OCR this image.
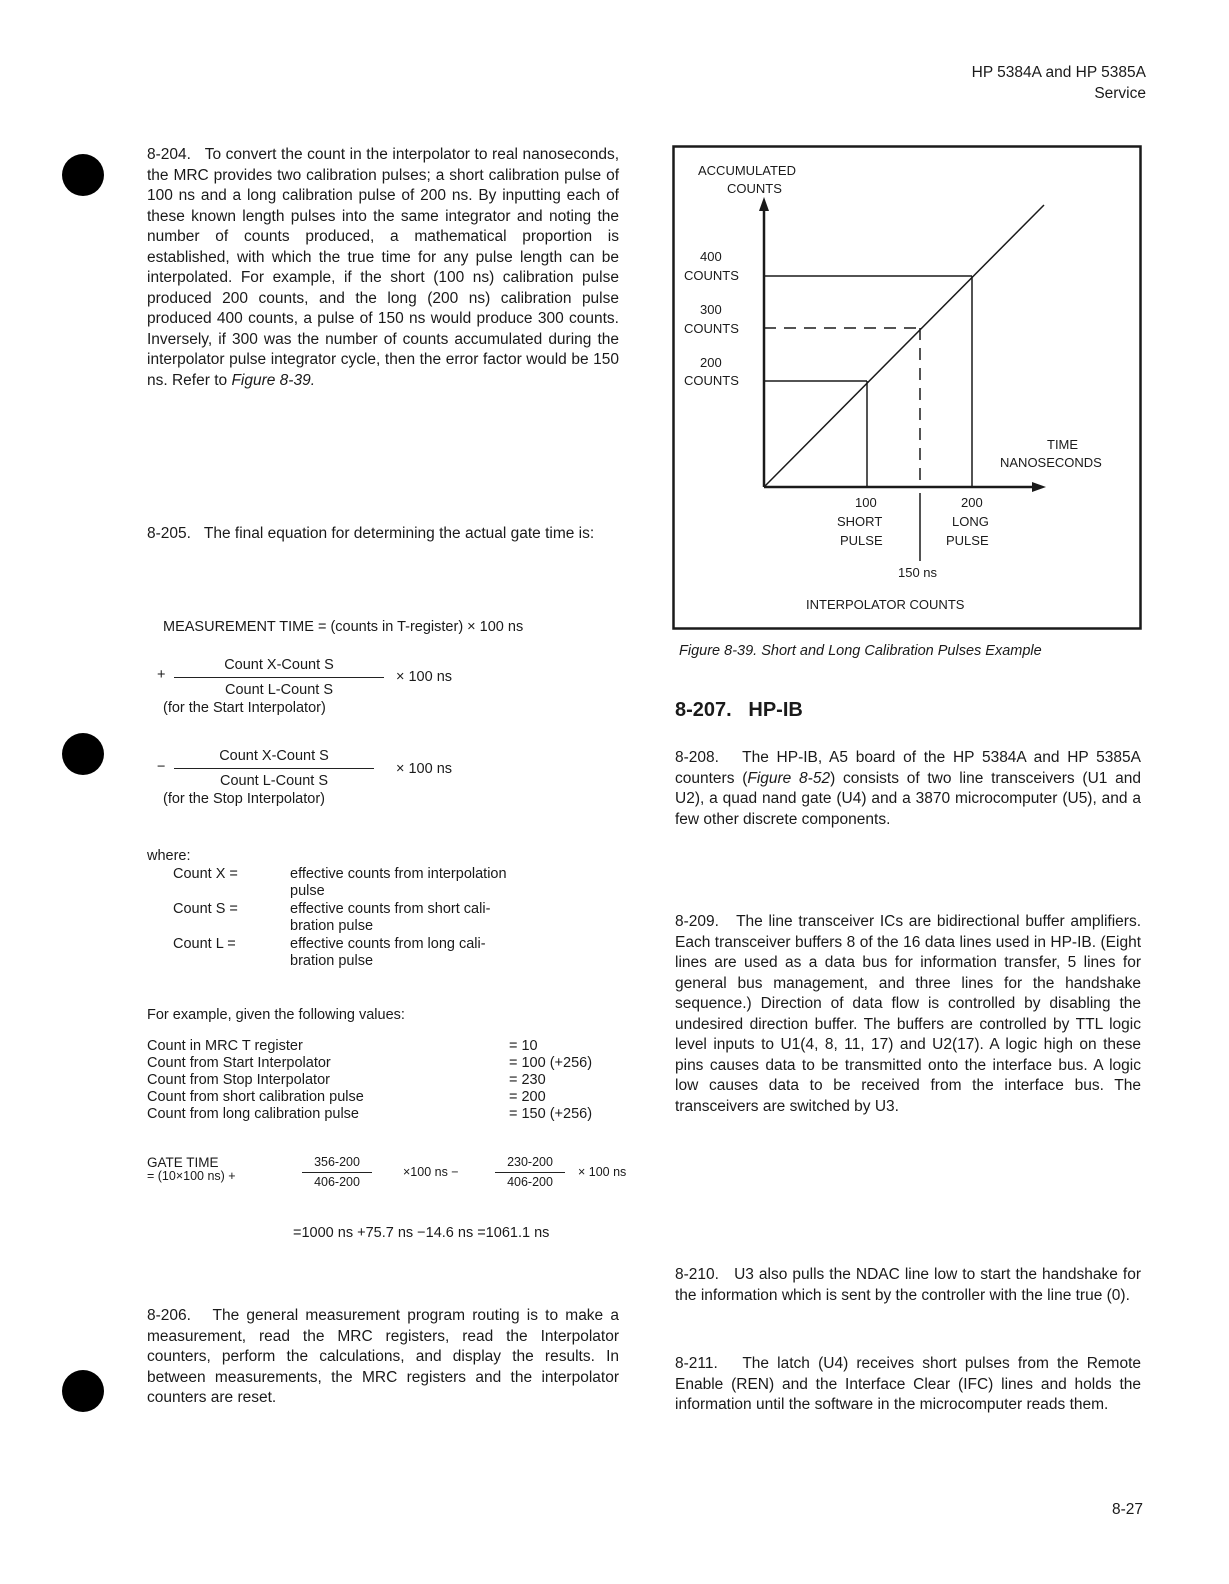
HP 5384A and HP 5385A
Service

8-204. To convert the count in the interpolator to real nanoseconds, the MRC provides two calibration pulses; a short calibration pulse of 100 ns and a long calibration pulse of 200 ns. By inputting each of these known length pulses into the same integrator and noting the number of counts produced, a mathematical proportion is established, with which the true time for any pulse length can be interpolated. For example, if the short (100 ns) calibration pulse produced 200 counts, and the long (200 ns) calibration pulse produced 400 counts, a pulse of 150 ns would produce 300 counts. Inversely, if 300 was the number of counts accumulated during the interpolator pulse integrator cycle, then the error factor would be 150 ns. Refer to Figure 8-39.

8-205. The final equation for determining the actual gate time is:

MEASUREMENT TIME = (counts in T-register) × 100 ns
+
Count X-Count S
Count L-Count S
× 100 ns
(for the Start Interpolator)
−
Count X-Count S
Count L-Count S
× 100 ns
(for the Stop Interpolator)
where:
Count X =	effective counts from interpolation
pulse
Count S =	effective counts from short cali-
bration pulse
Count L =	effective counts from long cali-
bration pulse
For example, given the following values:
Count in MRC T register	= 10
Count from Start Interpolator	= 100 (+256)
Count from Stop Interpolator	= 230
Count from short calibration pulse	= 200
Count from long calibration pulse	= 150 (+256)
GATE TIME
= (10×100 ns) +
356-200
406-200
×100 ns −
230-200
406-200
× 100 ns
=1000 ns +75.7 ns −14.6 ns =1061.1 ns

8-206. The general measurement program routing is to make a measurement, read the MRC registers, read the Interpolator counters, perform the calculations, and display the results. In between measurements, the MRC registers and the interpolator counters are reset.

ACCUMULATED
COUNTS
400
COUNTS
300
COUNTS
200
COUNTS
TIME
NANOSECONDS
100
SHORT
PULSE
200
LONG
PULSE
150 ns
INTERPOLATOR COUNTS
Figure 8-39. Short and Long Calibration Pulses Example
8-207.   HP-IB

8-208. The HP-IB, A5 board of the HP 5384A and HP 5385A counters (Figure 8-52) consists of two line transceivers (U1 and U2), a quad nand gate (U4) and a 3870 microcomputer (U5), and a few other discrete components.

8-209. The line transceiver ICs are bidirectional buffer amplifiers. Each transceiver buffers 8 of the 16 data lines used in HP-IB. (Eight lines are used as a data bus for information transfer, 5 lines for general bus management, and three lines for the handshake sequence.) Direction of data flow is controlled by disabling the undesired direction buffer. The buffers are controlled by TTL logic level inputs to U1(4, 8, 11, 17) and U2(17). A logic high on these pins causes data to be transmitted onto the interface bus. A logic low causes data to be received from the interface bus. The transceivers are switched by U3.

8-210. U3 also pulls the NDAC line low to start the handshake for the information which is sent by the controller with the line true (0).

8-211. The latch (U4) receives short pulses from the Remote Enable (REN) and the Interface Clear (IFC) lines and holds the information until the software in the microcomputer reads them.

8-27
